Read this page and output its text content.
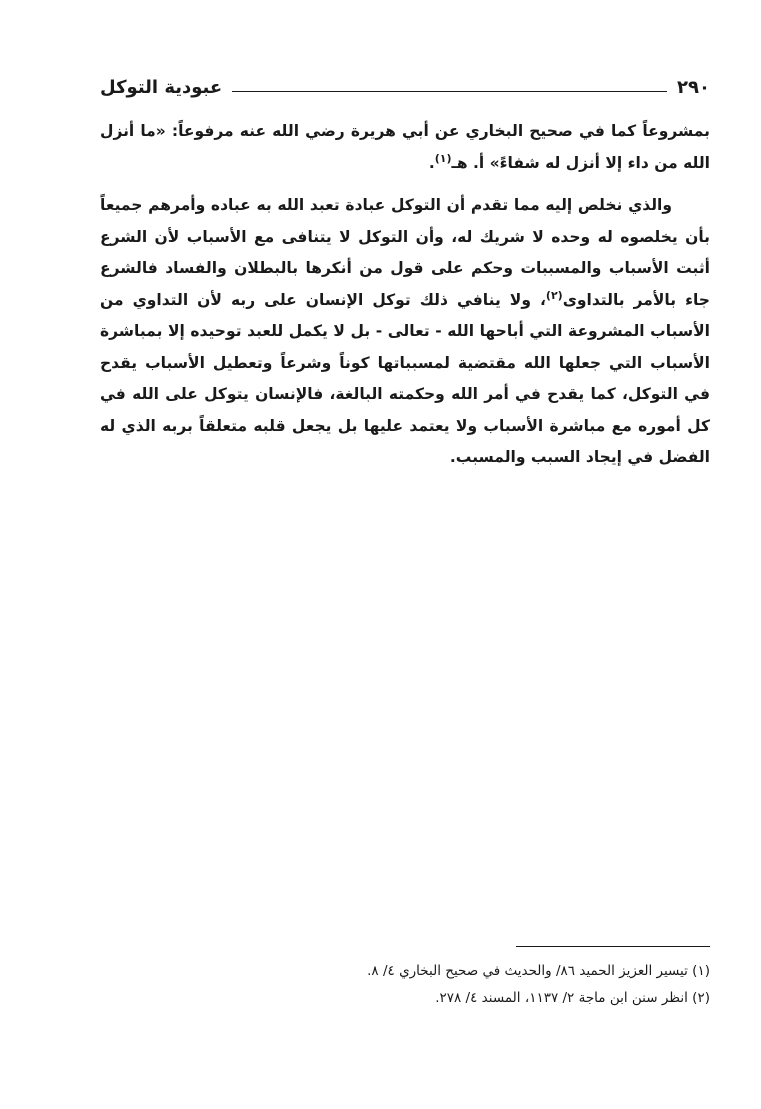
٢٩٠
عبودية التوكل

بمشروعاً كما في صحيح البخاري عن أبي هريرة رضي الله عنه مرفوعاً: «ما أنزل الله من داء إلا أنزل له شفاءً» أ. هـ$^{(١)}$.

والذي نخلص إليه مما تقدم أن التوكل عبادة تعبد الله به عباده وأمرهم جميعاً بأن يخلصوه له وحده لا شريك له، وأن التوكل لا يتنافى مع الأسباب لأن الشرع أثبت الأسباب والمسببات وحكم على قول من أنكرها بالبطلان والفساد فالشرع جاء بالأمر بالتداوى$^{(٢)}$، ولا ينافي ذلك توكل الإنسان على ربه لأن التداوي من الأسباب المشروعة التي أباحها الله - تعالى - بل لا يكمل للعبد توحيده إلا بمباشرة الأسباب التي جعلها الله مقتضية لمسبباتها كوناً وشرعاً وتعطيل الأسباب يقدح في التوكل، كما يقدح في أمر الله وحكمته البالغة، فالإنسان يتوكل على الله في كل أموره مع مباشرة الأسباب ولا يعتمد عليها بل يجعل قلبه متعلقاً بربه الذي له الفضل في إيجاد السبب والمسبب.

(١) تيسير العزيز الحميد ٨٦/ والحديث في صحيح البخاري ٤/ ٨.

(٢) انظر سنن ابن ماجة ٢/ ١١٣٧، المسند ٤/ ٢٧٨.
